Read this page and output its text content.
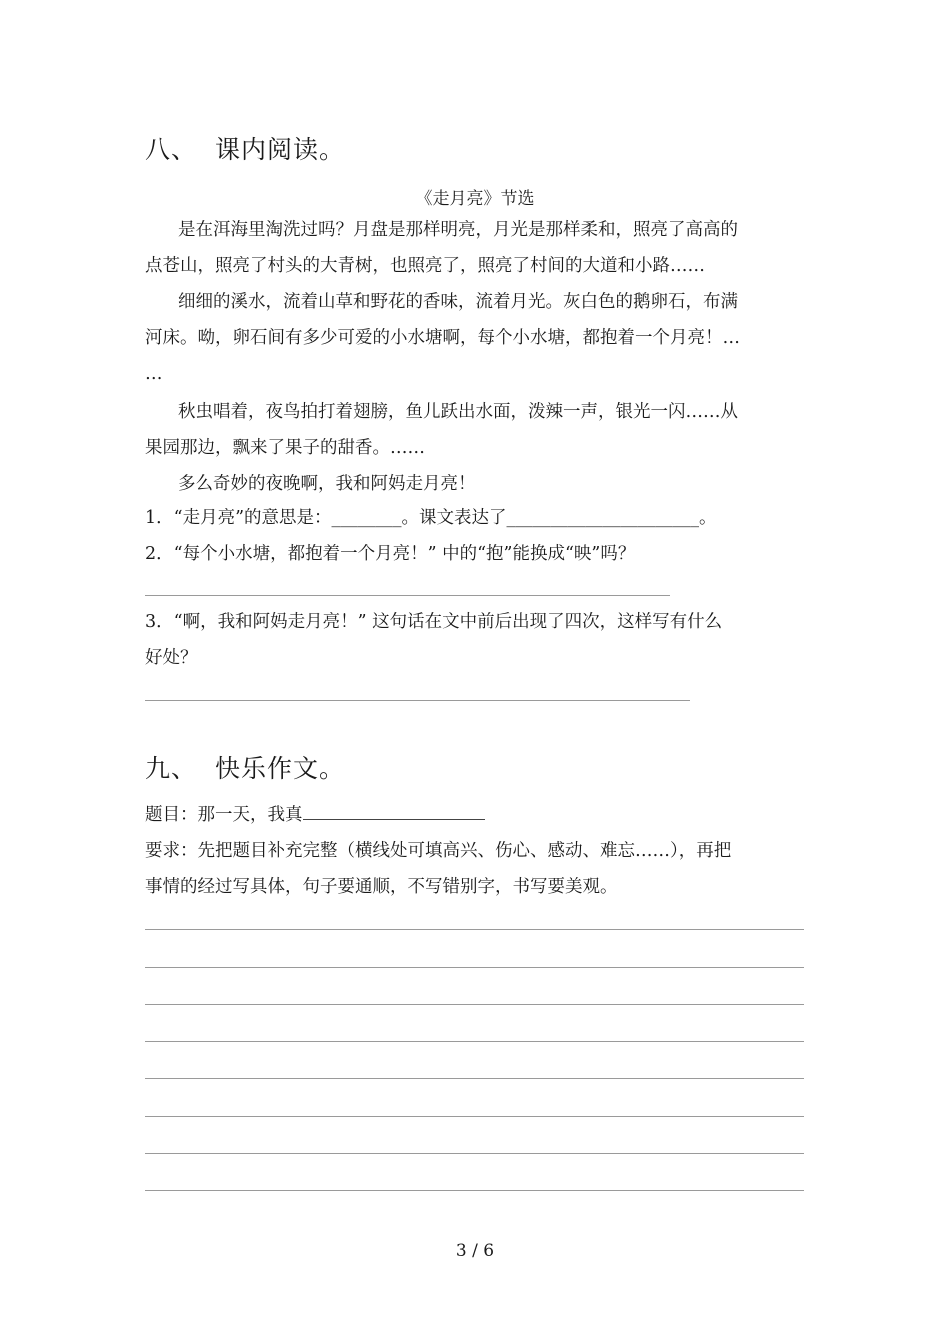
八、 课内阅读。
《走月亮》节选
是在洱海里淘洗过吗？月盘是那样明亮，月光是那样柔和，照亮了高高的
点苍山，照亮了村头的大青树，也照亮了，照亮了村间的大道和小路……
细细的溪水，流着山草和野花的香味，流着月光。灰白色的鹅卵石，布满
河床。呦，卵石间有多少可爱的小水塘啊，每个小水塘，都抱着一个月亮！…
…
秋虫唱着，夜鸟拍打着翅膀，鱼儿跃出水面，泼辣一声，银光一闪……从
果园那边，飘来了果子的甜香。……
多么奇妙的夜晚啊，我和阿妈走月亮！
1．“走月亮”的意思是：________。课文表达了______________________。
2．“每个小水塘，都抱着一个月亮！” 中的“抱”能换成“映”吗？
3．“啊，我和阿妈走月亮！” 这句话在文中前后出现了四次，这样写有什么
好处？
九、 快乐作文。
题目：那一天，我真
要求：先把题目补充完整（横线处可填高兴、伤心、感动、难忘……），再把
事情的经过写具体，句子要通顺，不写错别字，书写要美观。
3 / 6
